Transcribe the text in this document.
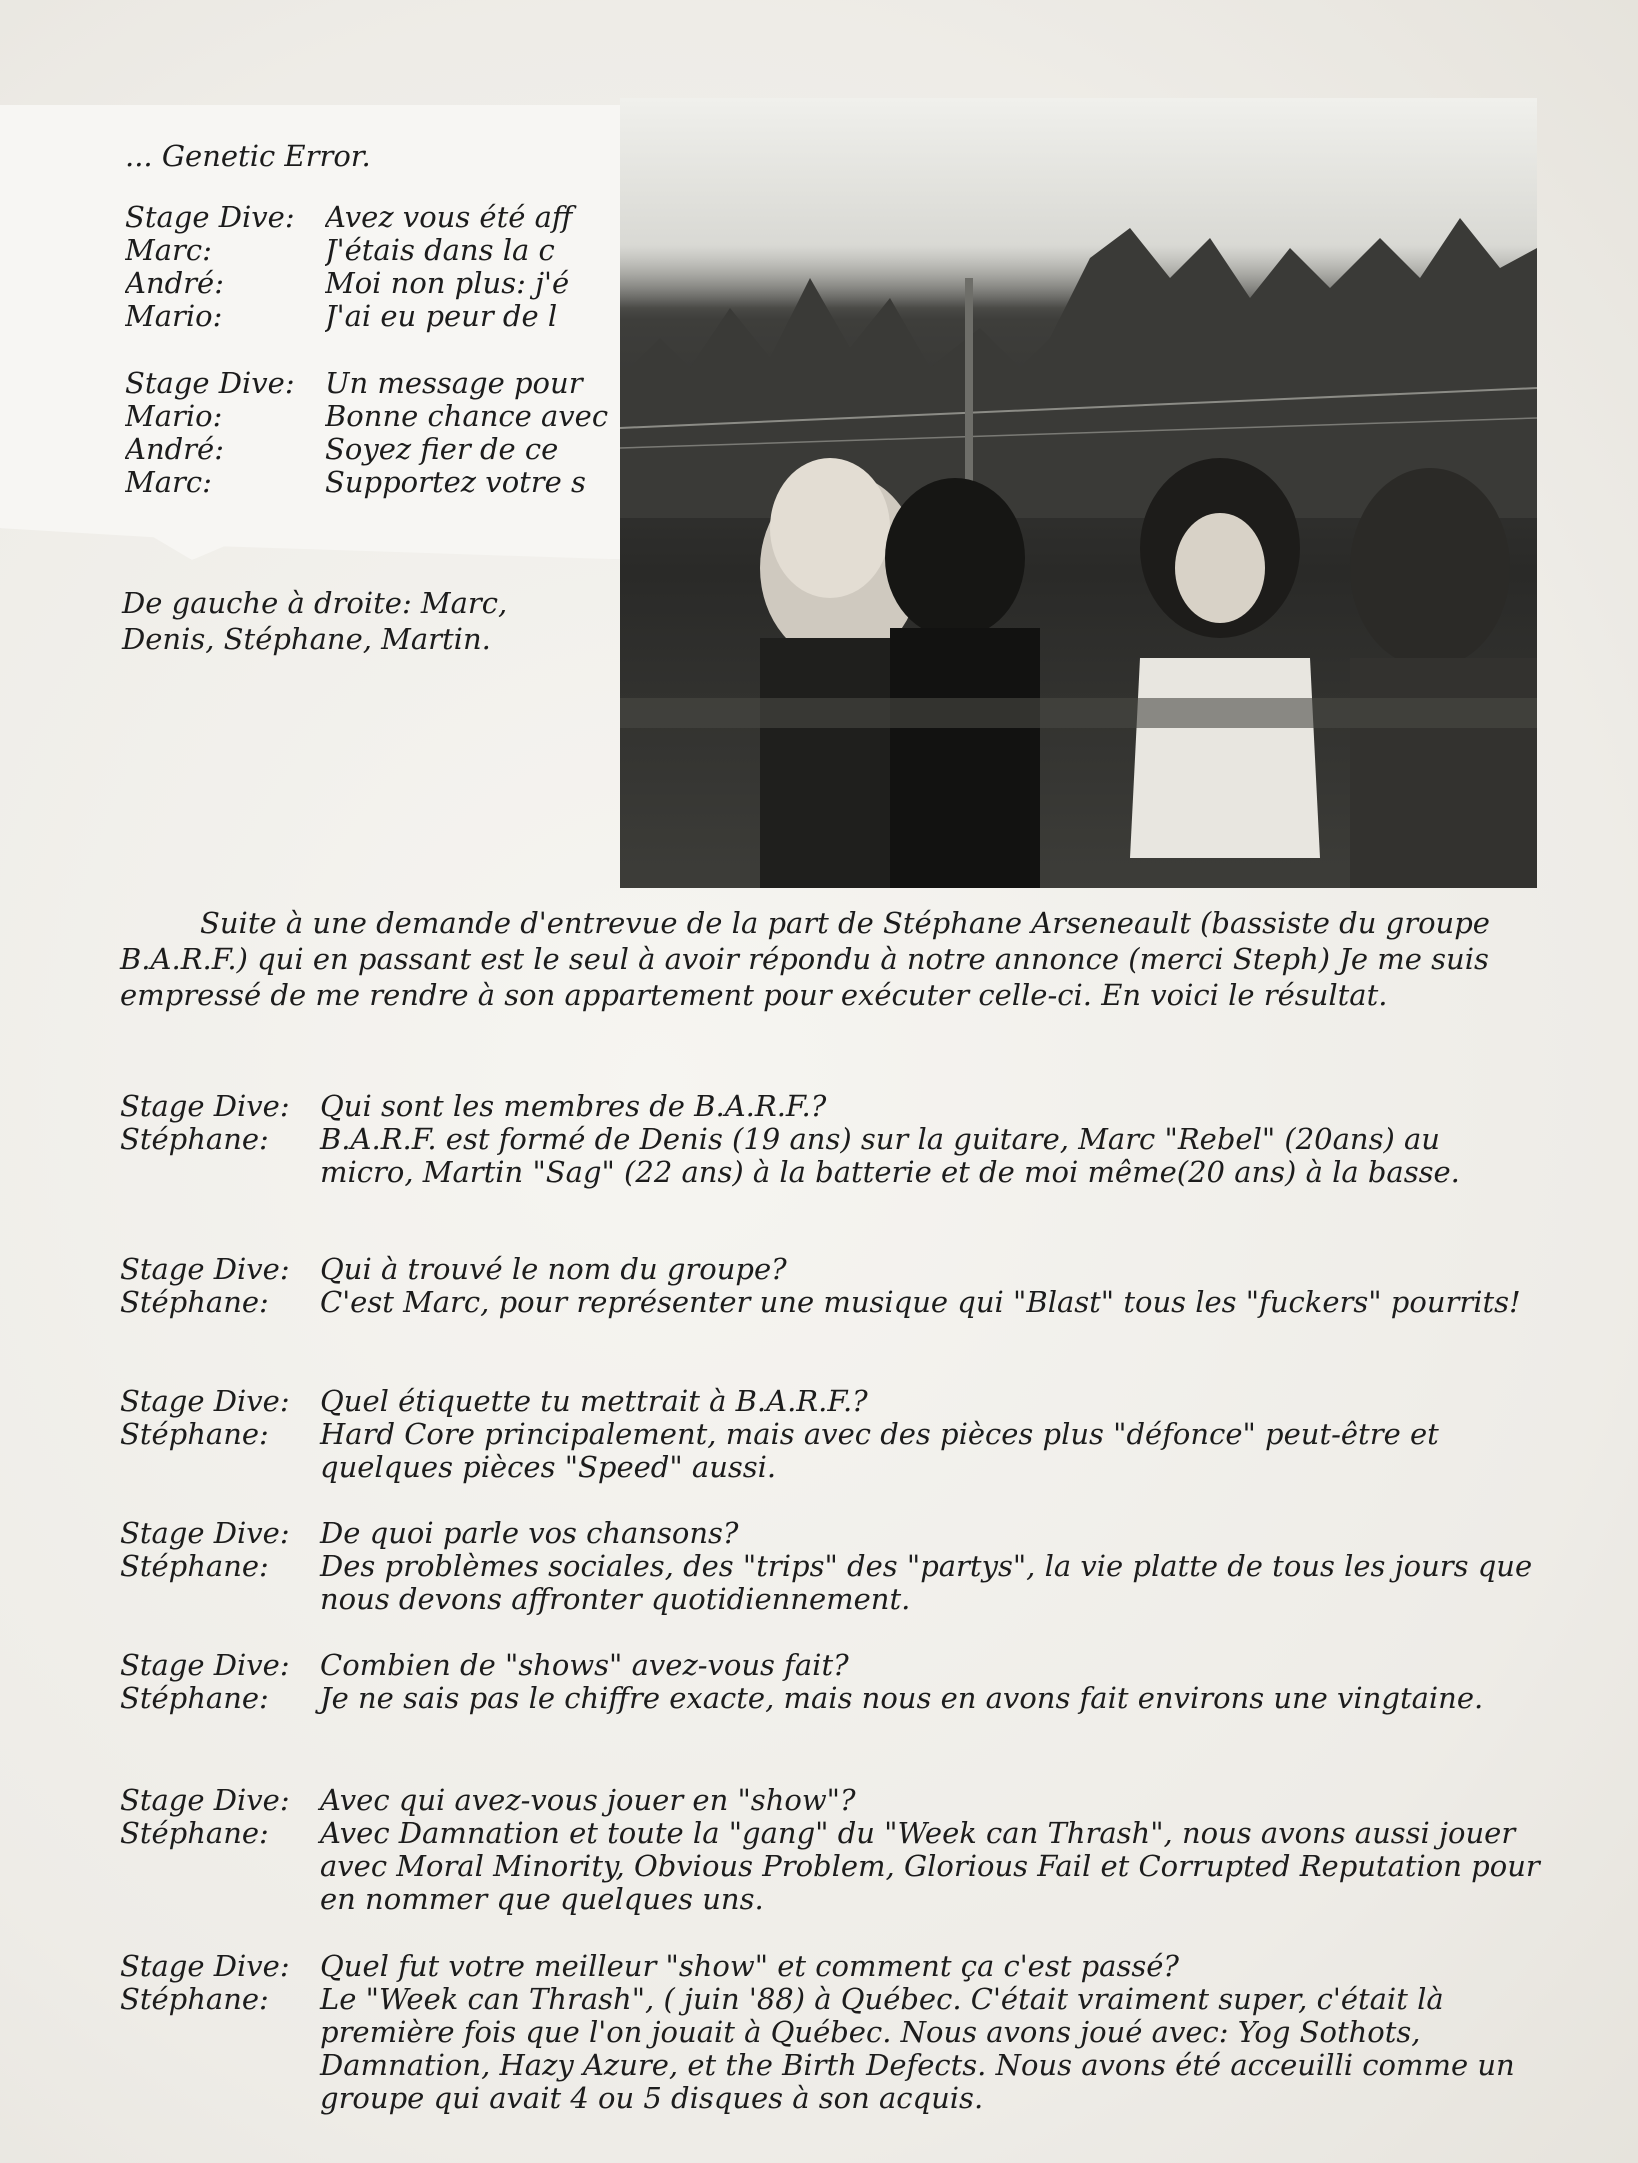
... Genetic Error.
Stage Dive:	Avez vous été aff
Marc:	J'étais dans la c
André:	Moi non plus: j'é
Mario:	J'ai eu peur de l
Stage Dive:	Un message pour
Mario:	Bonne chance avec
André:	Soyez fier de ce
Marc:	Supportez votre s
De gauche à droite: Marc, Denis, Stéphane, Martin.
Suite à une demande d'entrevue de la part de Stéphane Arseneault (bassiste du groupe B.A.R.F.) qui en passant est le seul à avoir répondu à notre annonce (merci Steph) Je me suis empressé de me rendre à son appartement pour exécuter celle-ci. En voici le résultat.
Stage Dive:	Qui sont les membres de B.A.R.F.?
Stéphane:	B.A.R.F. est formé de Denis (19 ans) sur la guitare, Marc "Rebel" (20ans) au micro, Martin "Sag" (22 ans) à la batterie et de moi même(20 ans) à la basse.
Stage Dive:	Qui à trouvé le nom du groupe?
Stéphane:	C'est Marc, pour représenter une musique qui "Blast" tous les "fuckers" pourrits!
Stage Dive:	Quel étiquette tu mettrait à B.A.R.F.?
Stéphane:	Hard Core principalement, mais avec des pièces plus "défonce" peut-être et quelques pièces "Speed" aussi.
Stage Dive:	De quoi parle vos chansons?
Stéphane:	Des problèmes sociales, des "trips" des "partys", la vie platte de tous les jours que nous devons affronter quotidiennement.
Stage Dive:	Combien de "shows" avez-vous fait?
Stéphane:	Je ne sais pas le chiffre exacte, mais nous en avons fait environs une vingtaine.
Stage Dive:	Avec qui avez-vous jouer en "show"?
Stéphane:	Avec Damnation et toute la "gang" du "Week can Thrash", nous avons aussi jouer avec Moral Minority, Obvious Problem, Glorious Fail et Corrupted Reputation pour en nommer que quelques uns.
Stage Dive:	Quel fut votre meilleur "show" et comment ça c'est passé?
Stéphane:	Le "Week can Thrash", ( juin '88) à Québec. C'était vraiment super, c'était là première fois que l'on jouait à Québec. Nous avons joué avec: Yog Sothots, Damnation, Hazy Azure, et the Birth Defects. Nous avons été acceuilli comme un groupe qui avait 4 ou 5 disques à son acquis.
